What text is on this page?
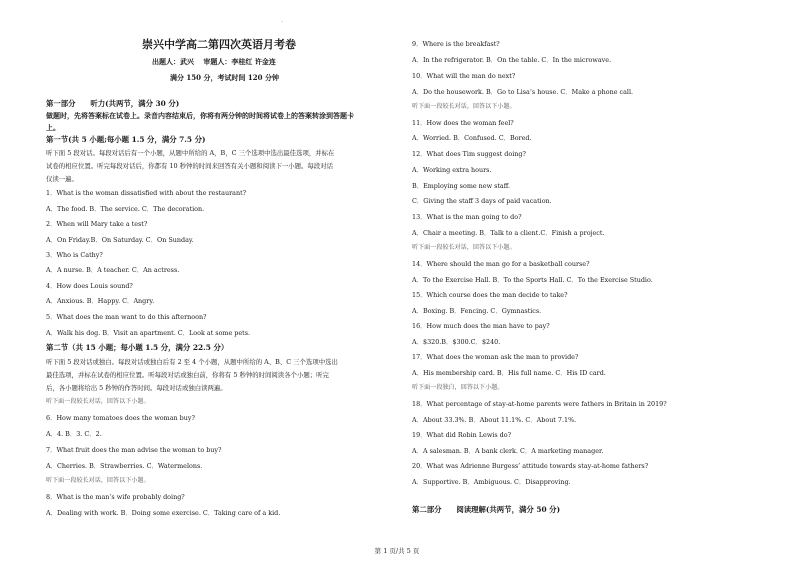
.
崇兴中学高二第四次英语月考卷
出题人：武兴　 审题人：李桂红 许金连
满分 150 分，考试时间 120 分钟
第一部分　　听力(共两节，满分 30 分)
做题时，先将答案标在试卷上。录音内容结束后，你将有两分钟的时间将试卷上的答案转涂到答题卡
上。
第一节(共 5 小题;每小题 1.5 分，满分 7.5 分)
听下面 5 段对话。每段对话后有一个小题，从题中所给的 A，B，C 三个选项中选出最佳选项，并标在
试卷的相应位置。听完每段对话后，你都有 10 秒钟的时间来回答有关小题和阅读下一小题。每段对话
仅读一遍。
1．What is the woman dissatisfied with about the restaurant?
A．The food. B．The service. C．The decoration.
2．When will Mary take a test?
A．On Friday.B．On Saturday. C．On Sunday.
3．Who is Cathy?
A．A nurse. B．A teacher. C．An actress.
4．How does Louis sound?
A．Anxious. B．Happy. C．Angry.
5．What does the man want to do this afternoon?
A．Walk his dog. B．Visit an apartment. C．Look at some pets.
第二节（共 15 小题；每小题 1.5 分，满分 22.5 分）
听下面 5 段对话或独白。每段对话或独白后有 2 至 4 个小题，从题中所给的 A、B、C 三个选项中选出
最佳选项，并标在试卷的相应位置。听每段对话或独白前，你将有 5 秒钟的时间阅读各个小题；听完
后，各小题将给出 5 秒钟的作答时间。每段对话或独白读两遍。
听下面一段较长对话，回答以下小题。
6．How many tomatoes does the woman buy?
A．4. B．3. C．2.
7．What fruit does the man advise the woman to buy?
A．Cherries. B．Strawberries. C．Watermelons.
听下面一段较长对话，回答以下小题。
8．What is the man’s wife probably doing?
A．Dealing with work. B．Doing some exercise. C．Taking care of a kid.
9．Where is the breakfast?
A．In the refrigerator. B．On the table. C．In the microwave.
10．What will the man do next?
A．Do the housework. B．Go to Lisa’s house. C．Make a phone call.
听下面一段较长对话，回答以下小题。
11．How does the woman feel?
A．Worried. B．Confused. C．Bored.
12．What does Tim suggest doing?
A．Working extra hours.
B．Employing some new staff.
C．Giving the staff 3 days of paid vacation.
13．What is the man going to do?
A．Chair a meeting. B．Talk to a client.C．Finish a project.
听下面一段较长对话，回答以下小题。
14．Where should the man go for a basketball course?
A．To the Exercise Hall. B．To the Sports Hall. C．To the Exercise Studio.
15．Which course does the man decide to take?
A．Boxing. B．Fencing. C．Gymnastics.
16．How much does the man have to pay?
A．$320.B．$300.C．$240.
17．What does the woman ask the man to provide?
A．His membership card. B．His full name. C．His ID card.
听下面一段独白，回答以下小题。
18．What percentage of stay-at-home parents were fathers in Britain in 2019?
A．About 33.3%. B．About 11.1%. C．About 7.1%.
19．What did Robin Lewis do?
A．A salesman. B．A bank clerk. C．A marketing manager.
20．What was Adrienne Burgess’ attitude towards stay-at-home fathers?
A．Supportive. B．Ambiguous. C．Disapproving.
第二部分　　阅读理解(共两节，满分 50 分)
第 1 页/共 5 页
